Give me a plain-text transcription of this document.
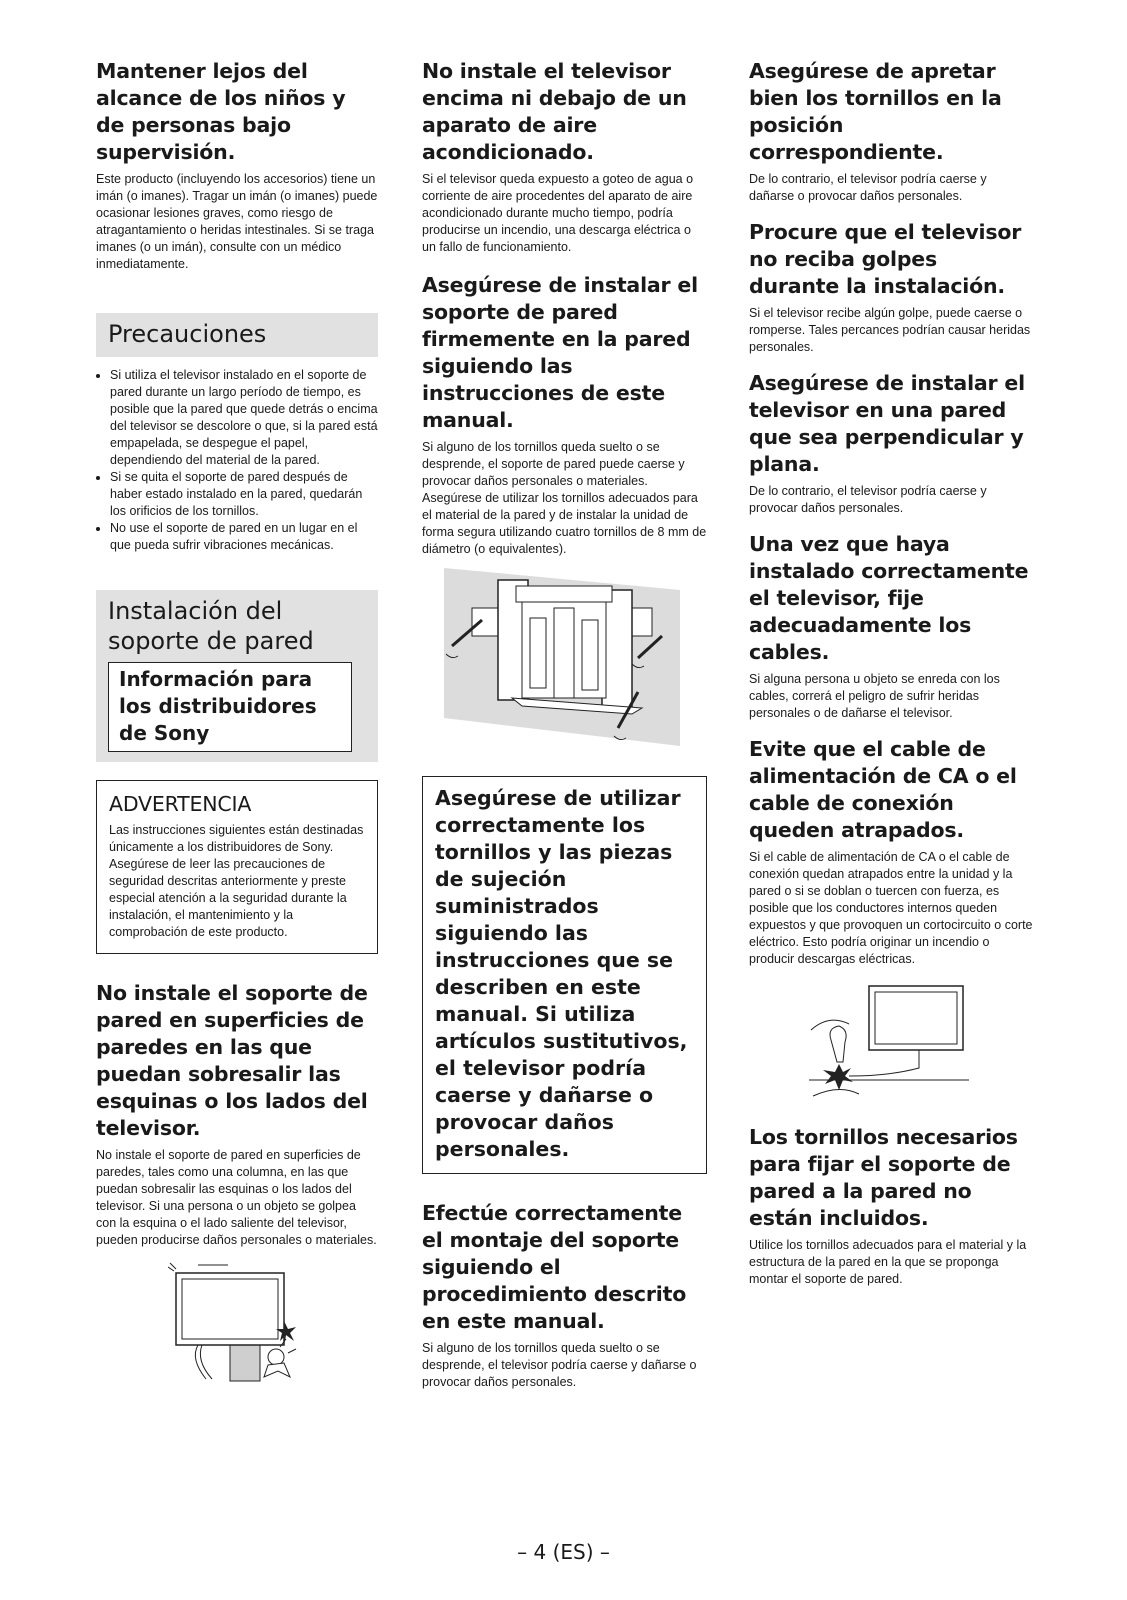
Mantener lejos del alcance de los niños y de personas bajo supervisión.

Este producto (incluyendo los accesorios) tiene un imán (o imanes). Tragar un imán (o imanes) puede ocasionar lesiones graves, como riesgo de atragantamiento o heridas intestinales. Si se traga imanes (o un imán), consulte con un médico inmediatamente.

Precauciones
• Si utiliza el televisor instalado en el soporte de pared durante un largo período de tiempo, es posible que la pared que quede detrás o encima del televisor se descolore o que, si la pared está empapelada, se despegue el papel, dependiendo del material de la pared.
• Si se quita el soporte de pared después de haber estado instalado en la pared, quedarán los orificios de los tornillos.
• No use el soporte de pared en un lugar en el que pueda sufrir vibraciones mecánicas.
Instalación del soporte de pared
Información para los distribuidores de Sony
ADVERTENCIA

Las instrucciones siguientes están destinadas únicamente a los distribuidores de Sony. Asegúrese de leer las precauciones de seguridad descritas anteriormente y preste especial atención a la seguridad durante la instalación, el mantenimiento y la comprobación de este producto.

No instale el soporte de pared en superficies de paredes en las que puedan sobresalir las esquinas o los lados del televisor.

No instale el soporte de pared en superficies de paredes, tales como una columna, en las que puedan sobresalir las esquinas o los lados del televisor. Si una persona o un objeto se golpea con la esquina o el lado saliente del televisor, pueden producirse daños personales o materiales.

No instale el televisor encima ni debajo de un aparato de aire acondicionado.

Si el televisor queda expuesto a goteo de agua o corriente de aire procedentes del aparato de aire acondicionado durante mucho tiempo, podría producirse un incendio, una descarga eléctrica o un fallo de funcionamiento.

Asegúrese de instalar el soporte de pared firmemente en la pared siguiendo las instrucciones de este manual.

Si alguno de los tornillos queda suelto o se desprende, el soporte de pared puede caerse y provocar daños personales o materiales. Asegúrese de utilizar los tornillos adecuados para el material de la pared y de instalar la unidad de forma segura utilizando cuatro tornillos de 8 mm de diámetro (o equivalentes).

Asegúrese de utilizar correctamente los tornillos y las piezas de sujeción suministrados siguiendo las instrucciones que se describen en este manual. Si utiliza artículos sustitutivos, el televisor podría caerse y dañarse o provocar daños personales.

Efectúe correctamente el montaje del soporte siguiendo el procedimiento descrito en este manual.

Si alguno de los tornillos queda suelto o se desprende, el televisor podría caerse y dañarse o provocar daños personales.

Asegúrese de apretar bien los tornillos en la posición correspondiente.

De lo contrario, el televisor podría caerse y dañarse o provocar daños personales.

Procure que el televisor no reciba golpes durante la instalación.

Si el televisor recibe algún golpe, puede caerse o romperse. Tales percances podrían causar heridas personales.

Asegúrese de instalar el televisor en una pared que sea perpendicular y plana.

De lo contrario, el televisor podría caerse y provocar daños personales.

Una vez que haya instalado correctamente el televisor, fije adecuadamente los cables.

Si alguna persona u objeto se enreda con los cables, correrá el peligro de sufrir heridas personales o de dañarse el televisor.

Evite que el cable de alimentación de CA o el cable de conexión queden atrapados.

Si el cable de alimentación de CA o el cable de conexión quedan atrapados entre la unidad y la pared o si se doblan o tuercen con fuerza, es posible que los conductores internos queden expuestos y que provoquen un cortocircuito o corte eléctrico. Esto podría originar un incendio o producir descargas eléctricas.

Los tornillos necesarios para fijar el soporte de pared a la pared no están incluidos.

Utilice los tornillos adecuados para el material y la estructura de la pared en la que se proponga montar el soporte de pared.

– 4 (ES) –
